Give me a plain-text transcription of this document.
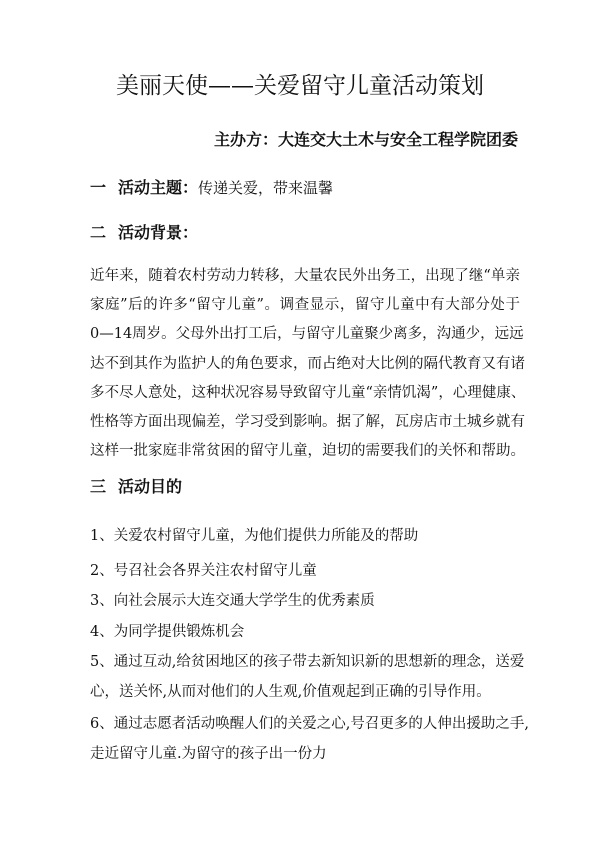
美丽天使——关爱留守儿童活动策划
主办方：大连交大土木与安全工程学院团委
一 活动主题：传递关爱，带来温馨
二 活动背景：
近年来，随着农村劳动力转移，大量农民外出务工，出现了继“单亲
家庭”后的许多“留守儿童”。调查显示，留守儿童中有大部分处于
0—14周岁。父母外出打工后，与留守儿童聚少离多，沟通少，远远
达不到其作为监护人的角色要求，而占绝对大比例的隔代教育又有诸
多不尽人意处，这种状况容易导致留守儿童“亲情饥渴”，心理健康、
性格等方面出现偏差，学习受到影响。据了解，瓦房店市土城乡就有
这样一批家庭非常贫困的留守儿童，迫切的需要我们的关怀和帮助。
三 活动目的
1、关爱农村留守儿童，为他们提供力所能及的帮助
2、号召社会各界关注农村留守儿童
3、向社会展示大连交通大学学生的优秀素质
4、为同学提供锻炼机会
5、通过互动,给贫困地区的孩子带去新知识新的思想新的理念，送爱
心，送关怀,从而对他们的人生观,价值观起到正确的引导作用。
6、通过志愿者活动唤醒人们的关爱之心,号召更多的人伸出援助之手,
走近留守儿童.为留守的孩子出一份力
